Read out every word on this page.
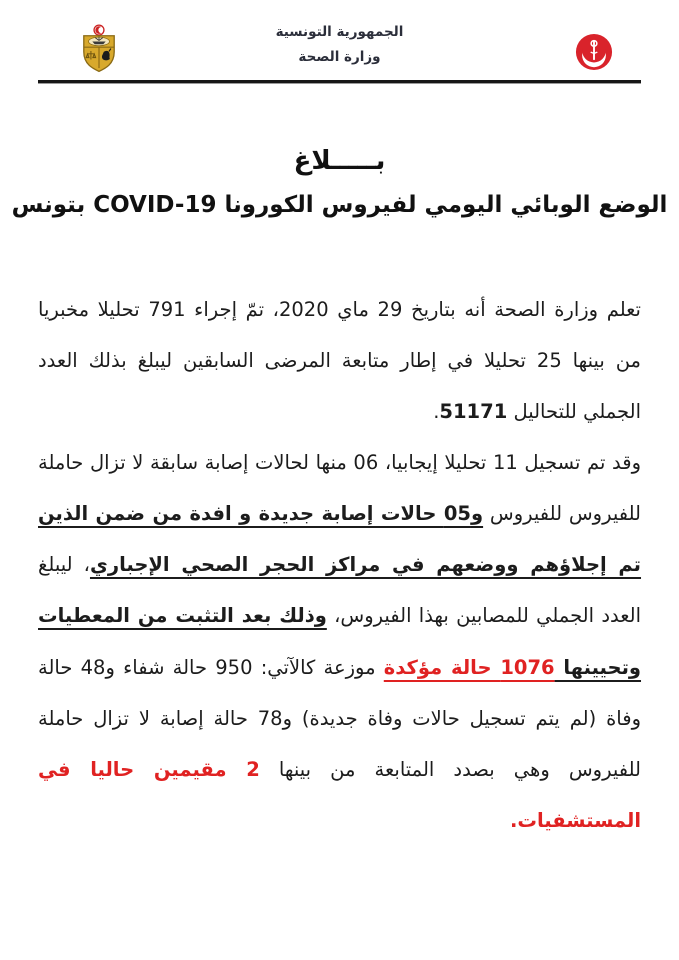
الجمهورية التونسية
وزارة الصحة
بـــــلاغ
الوضع الوبائي اليومي لفيروس الكورونا COVID-19 بتونس

تعلم وزارة الصحة أنه بتاريخ 29 ماي 2020، تمّ إجراء 791 تحليلا مخبريا من بينها 25 تحليلا في إطار متابعة المرضى السابقين ليبلغ بذلك العدد الجملي للتحاليل 51171.

وقد تم تسجيل 11 تحليلا إيجابيا، 06 منها لحالات إصابة سابقة لا تزال حاملة للفيروس للفيروس و05 حالات إصابة جديدة و افدة من ضمن الذين تم إجلاؤهم ووضعهم في مراكز الحجر الصحي الإجباري، ليبلغ العدد الجملي للمصابين بهذا الفيروس، وذلك بعد التثبت من المعطيات وتحيينها 1076 حالة مؤكدة موزعة كالآتي: 950 حالة شفاء و48 حالة وفاة (لم يتم تسجيل حالات وفاة جديدة) و78 حالة إصابة لا تزال حاملة للفيروس وهي بصدد المتابعة من بينها 2 مقيمين حاليا في المستشفيات.
